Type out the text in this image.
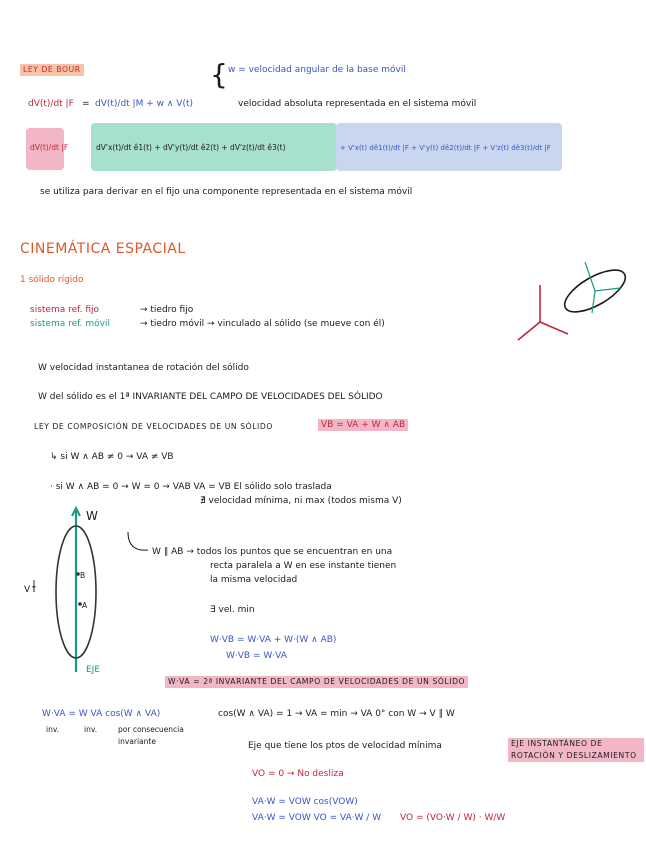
LEY DE BOUR	w = velocidad angular de la base móvil
{
dV(t)/dt |F = dV(t)/dt |M + w ∧ V(t)	velocidad absoluta representada en el sistema móvil
dV(t)/dt |F	dV'x(t)/dt ê1(t) + dV'y(t)/dt ê2(t) + dV'z(t)/dt ê3(t)	+ V'x(t) dê1(t)/dt |F + V'y(t) dê2(t)/dt |F + V'z(t) dê3(t)/dt |F
se utiliza para derivar en el fijo una componente representada en el sistema móvil
CINEMÁTICA ESPACIAL
1 sólido rígido
sistema ref. fijo	→ tiedro fijo
sistema ref. móvil	→ tiedro móvil → vinculado al sólido (se mueve con él)
W velocidad instantanea de rotación del sólido
W del sólido es el 1ª INVARIANTE DEL CAMPO DE VELOCIDADES DEL SÓLIDO
LEY DE COMPOSICIÓN DE VELOCIDADES DE UN SÓLIDO	VB = VA + W ∧ AB
↳ si W ∧ AB ≠ 0 → VA ≠ VB
· si W ∧ AB = 0 → W = 0 → VAB VA = VB El sólido solo traslada
∄ velocidad mínima, ni max (todos misma V)
W ∥ AB → todos los puntos que se encuentran en una
recta paralela a W en ese instante tienen
la misma velocidad
∃ vel. min
W·VB = W·VA + W·(W ∧ AB)
W·VB = W·VA
EJE
W·VA = 2ª INVARIANTE DEL CAMPO DE VELOCIDADES DE UN SÓLIDO
W·VA = W VA cos(W ∧ VA)
inv.	inv.	por consecuencia invariante
cos(W ∧ VA) = 1 → VA = min → VA 0° con W → V ∥ W
Eje que tiene los ptos de velocidad mínima	EJE INSTANTÁNEO DE ROTACIÓN Y DESLIZAMIENTO
VO = 0 → No desliza
VA·W = VOW cos(VOW)
VA·W = VOW VO = VA·W / W VO = (VO·W / W) · W/W
W
B
A
V↑
